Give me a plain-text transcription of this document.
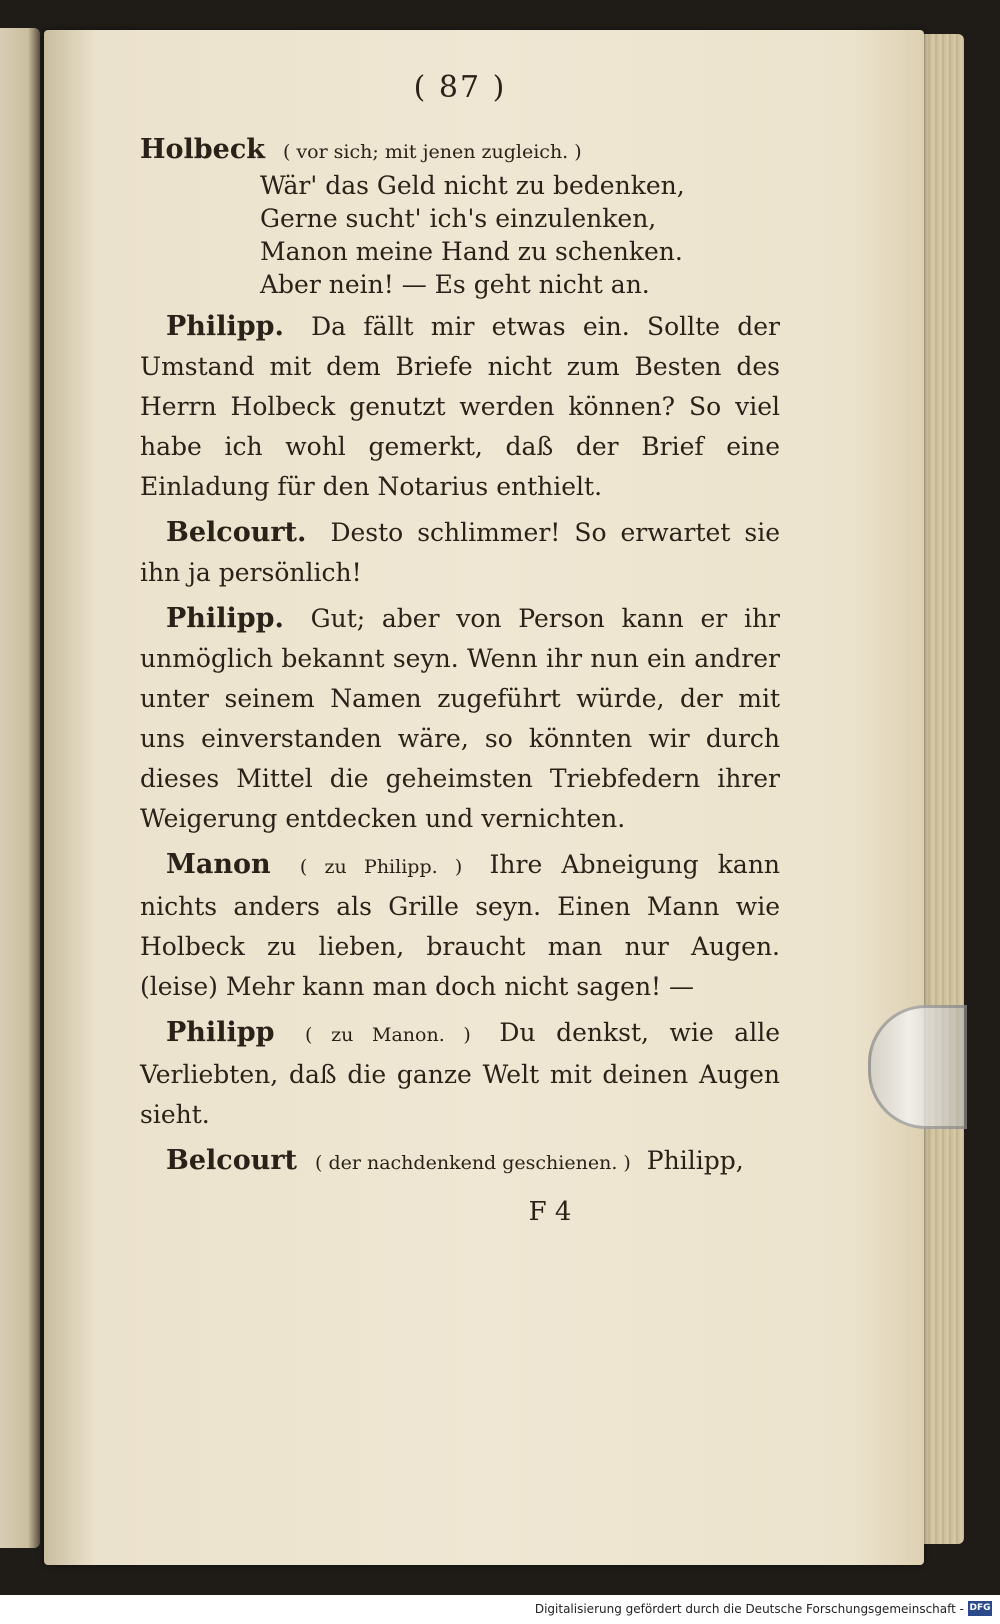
( 87 )

Holbeck ( vor sich; mit jenen zugleich. )

Wär' das Geld nicht zu bedenken,
Gerne sucht' ich's einzulenken,
Manon meine Hand zu schenken.
Aber nein! — Es geht nicht an.

Philipp. Da fällt mir etwas ein. Sollte der Umstand mit dem Briefe nicht zum Besten des Herrn Holbeck genutzt werden können? So viel habe ich wohl gemerkt, daß der Brief eine Einladung für den Notarius enthielt.

Belcourt. Desto schlimmer! So erwartet sie ihn ja persönlich!

Philipp. Gut; aber von Person kann er ihr unmöglich bekannt seyn. Wenn ihr nun ein andrer unter seinem Namen zugeführt würde, der mit uns einverstanden wäre, so könnten wir durch dieses Mittel die geheimsten Triebfedern ihrer Weigerung entdecken und vernichten.

Manon ( zu Philipp. ) Ihre Abneigung kann nichts anders als Grille seyn. Einen Mann wie Holbeck zu lieben, braucht man nur Augen. (leise) Mehr kann man doch nicht sagen! —

Philipp ( zu Manon. ) Du denkst, wie alle Verliebten, daß die ganze Welt mit deinen Augen sieht.

Belcourt ( der nachdenkend geschienen. ) Philipp,

F 4
Digitalisierung gefördert durch die Deutsche Forschungsgemeinschaft - DFG
